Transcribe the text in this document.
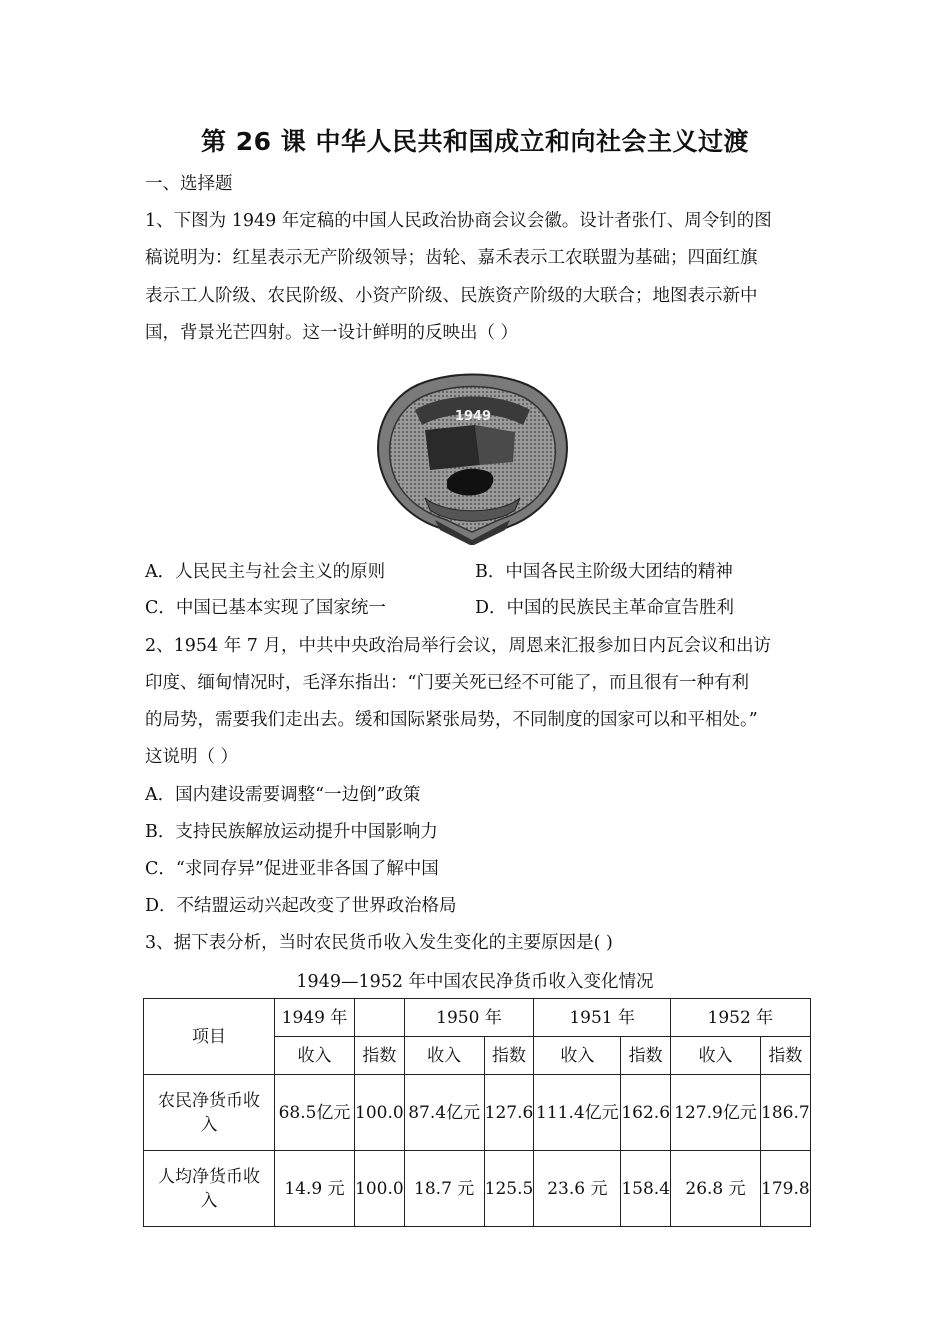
第 26 课 中华人民共和国成立和向社会主义过渡
一、选择题
1、下图为 1949 年定稿的中国人民政治协商会议会徽。设计者张仃、周令钊的图
稿说明为：红星表示无产阶级领导；齿轮、嘉禾表示工农联盟为基础；四面红旗
表示工人阶级、农民阶级、小资产阶级、民族资产阶级的大联合；地图表示新中
国，背景光芒四射。这一设计鲜明的反映出（ ）
1949
A．人民民主与社会主义的原则	B．中国各民主阶级大团结的精神
C．中国已基本实现了国家统一	D．中国的民族民主革命宣告胜利
2、1954 年 7 月，中共中央政治局举行会议，周恩来汇报参加日内瓦会议和出访
印度、缅甸情况时，毛泽东指出：“门要关死已经不可能了，而且很有一种有利
的局势，需要我们走出去。缓和国际紧张局势，不同制度的国家可以和平相处。”
这说明（ ）
A．国内建设需要调整“一边倒”政策
B．支持民族解放运动提升中国影响力
C．“求同存异”促进亚非各国了解中国
D．不结盟运动兴起改变了世界政治格局
3、据下表分析，当时农民货币收入发生变化的主要原因是( )
1949—1952 年中国农民净货币收入变化情况
项目	1949 年		1950 年		1951 年		1952 年	
	收入	指数	收入	指数	收入	指数	收入	指数

农民净货币收
入	68.5亿元	100.0	87.4亿元	127.6	111.4亿元	162.6	127.9亿元	186.7

人均净货币收
入	14.9 元	100.0	18.7 元	125.5	23.6 元	158.4	26.8 元	179.8
